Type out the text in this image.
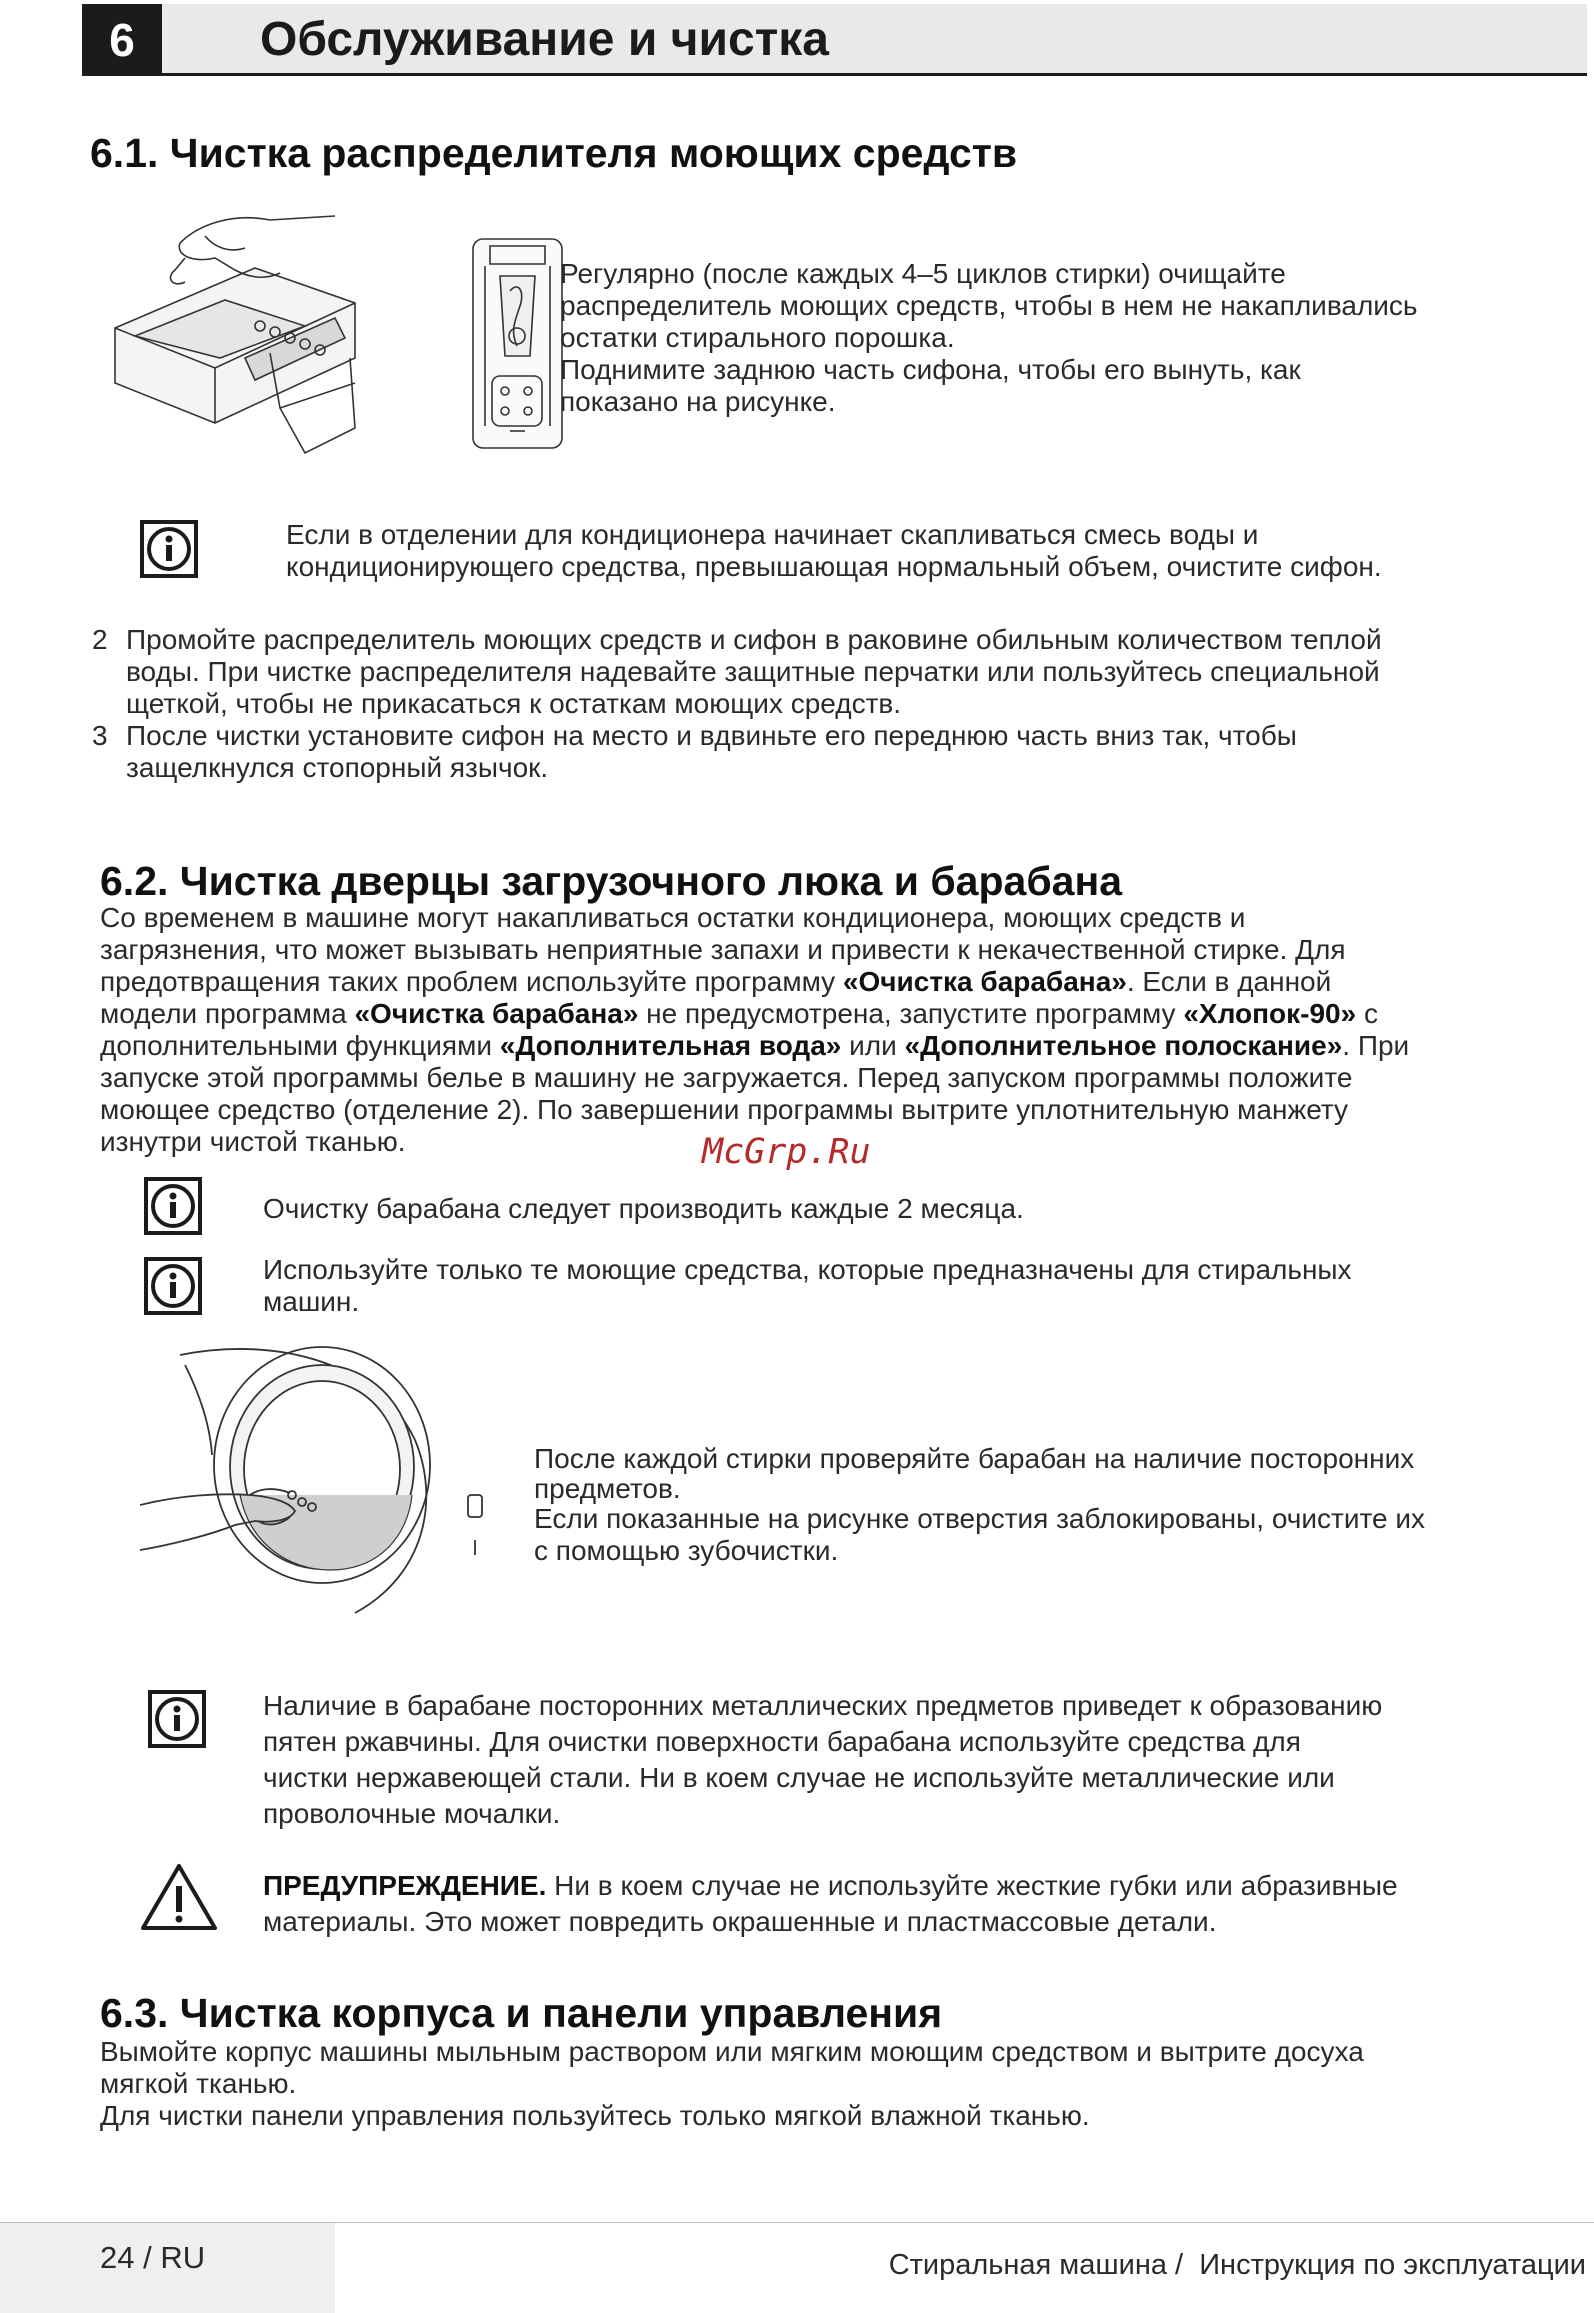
6	Обслуживание и чистка

6.1. Чистка распределителя моющих средств

Регулярно (после каждых 4–5 циклов стирки) очищайте

распределитель моющих средств, чтобы в нем не накапливались

остатки стирального порошка.

Поднимите заднюю часть сифона, чтобы его вынуть, как

показано на рисунке.

Если в отделении для кондиционера начинает скапливаться смесь воды и

кондиционирующего средства, превышающая нормальный объем, очистите сифон.

2 Промойте распределитель моющих средств и сифон в раковине обильным количеством теплой

воды. При чистке распределителя надевайте защитные перчатки или пользуйтесь специальной

щеткой, чтобы не прикасаться к остаткам моющих средств.

3 После чистки установите сифон на место и вдвиньте его переднюю часть вниз так, чтобы

защелкнулся стопорный язычок.

6.2. Чистка дверцы загрузочного люка и барабана

Со временем в машине могут накапливаться остатки кондиционера, моющих средств и

загрязнения, что может вызывать неприятные запахи и привести к некачественной стирке. Для

предотвращения таких проблем используйте программу «Очистка барабана». Если в данной

модели программа «Очистка барабана» не предусмотрена, запустите программу «Хлопок-90» с

дополнительными функциями «Дополнительная вода» или «Дополнительное полоскание». При

запуске этой программы белье в машину не загружается. Перед запуском программы положите

моющее средство (отделение 2). По завершении программы вытрите уплотнительную манжету

изнутри чистой тканью.	McGrp.Ru

Очистку барабана следует производить каждые 2 месяца.

Используйте только те моющие средства, которые предназначены для стиральных

машин.

После каждой стирки проверяйте барабан на наличие посторонних

предметов.

Если показанные на рисунке отверстия заблокированы, очистите их

с помощью зубочистки.

Наличие в барабане посторонних металлических предметов приведет к образованию

пятен ржавчины. Для очистки поверхности барабана используйте средства для

чистки нержавеющей стали. Ни в коем случае не используйте металлические или

проволочные мочалки.

ПРЕДУПРЕЖДЕНИЕ. Ни в коем случае не используйте жесткие губки или абразивные

материалы. Это может повредить окрашенные и пластмассовые детали.

6.3. Чистка корпуса и панели управления

Вымойте корпус машины мыльным раствором или мягким моющим средством и вытрите досуха

мягкой тканью.

Для чистки панели управления пользуйтесь только мягкой влажной тканью.

24 / RU	Стиральная машина /  Инструкция по эксплуатации
